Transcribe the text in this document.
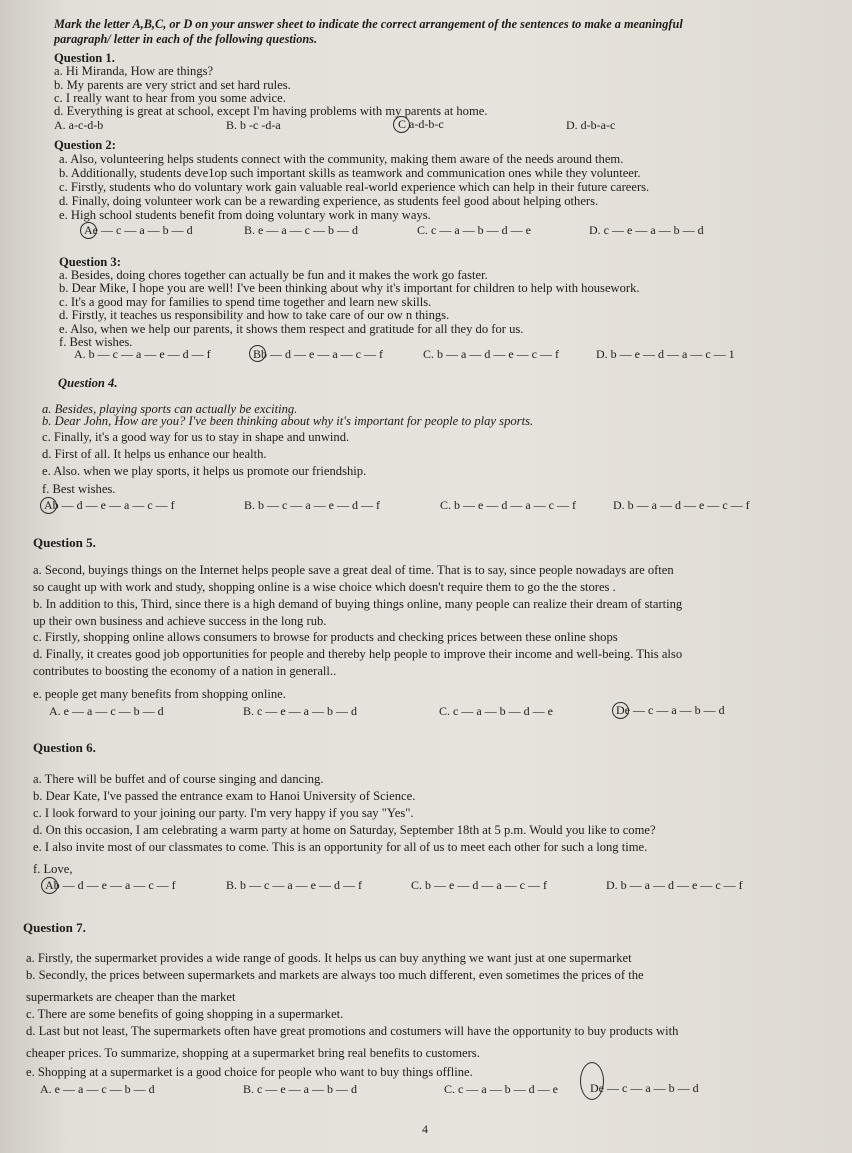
Mark the letter A,B,C, or D on your answer sheet to indicate the correct arrangement of the sentences to make a meaningful
paragraph/ letter in each of the following questions.
Question 1.
a. Hi Miranda, How are things?
b. My parents are very strict and set hard rules.
c. I really want to hear from you some advice.
d. Everything is great at school, except I'm having problems with my parents at home.
A. a-c-d-b	B. b -c -d-a	C a-d-b-c	D. d-b-a-c
Question 2:
a. Also, volunteering helps students connect with the community, making them aware of the needs around them.
b. Additionally, students deve1op such important skills as teamwork and communication ones while they volunteer.
c. Firstly, students who do voluntary work gain valuable real-world experience which can help in their future careers.
d. Finally, doing volunteer work can be a rewarding experience, as students feel good about helping others.
e. High school students benefit from doing voluntary work in many ways.
Ae — c — a — b — d	B. e — a — c — b — d	C. c — a — b — d — e	D. c — e — a — b — d
Question 3:
a. Besides, doing chores together can actually be fun and it makes the work go faster.
b. Dear Mike, I hope you are well! I've been thinking about why it's important for children to help with housework.
c. It's a good may for families to spend time together and learn new skills.
d. Firstly, it teaches us responsibility and how to take care of our ow n things.
e. Also, when we help our parents, it shows them respect and gratitude for all they do for us.
f. Best wishes.
A. b — c — a — e — d — f	Bb — d — e — a — c — f	C. b — a — d — e — c — f	D. b — e — d — a — c — 1
Question 4.
a. Besides, playing sports can actually be exciting.
b. Dear John, How are you? I've been thinking about why it's important for people to play sports.
c. Finally, it's a good way for us to stay in shape and unwind.
d. First of all. It helps us enhance our health.
e. Also. when we play sports, it helps us promote our friendship.
f. Best wishes.
Ab — d — e — a — c — f	B. b — c — a — e — d — f	C. b — e — d — a — c — f	D. b — a — d — e — c — f
Question 5.
a. Second, buyings things on the Internet helps people save a great deal of time. That is to say, since people nowadays are often
so caught up with work and study, shopping online is a wise choice which doesn't require them to go the the stores .
b. In addition to this, Third, since there is a high demand of buying things online, many people can realize their dream of starting
up their own business and achieve success in the long rub.
c. Firstly, shopping online allows consumers to browse for products and checking prices between these online shops
d. Finally, it creates good job opportunities for people and thereby help people to improve their income and well-being. This also
contributes to boosting the economy of a nation in generall..
e. people get many benefits from shopping online.
A. e — a — c — b — d	B. c — e — a — b — d	C. c — a — b — d — e	De — c — a — b — d
Question 6.
a. There will be buffet and of course singing and dancing.
b. Dear Kate, I've passed the entrance exam to Hanoi University of Science.
c. I look forward to your joining our party. I'm very happy if you say "Yes".
d. On this occasion, I am celebrating a warm party at home on Saturday, September 18th at 5 p.m. Would you like to come?
e. I also invite most of our classmates to come. This is an opportunity for all of us to meet each other for such a long time.
f. Love,
Ab — d — e — a — c — f	B. b — c — a — e — d — f	C. b — e — d — a — c — f	D. b — a — d — e — c — f
Question 7.
a. Firstly, the supermarket provides a wide range of goods. It helps us can buy anything we want just at one supermarket
b. Secondly, the prices between supermarkets and markets are always too much different, even sometimes the prices of the
supermarkets are cheaper than the market
c. There are some benefits of going shopping in a supermarket.
d. Last but not least, The supermarkets often have great promotions and costumers will have the opportunity to buy products with
cheaper prices. To summarize, shopping at a supermarket bring real benefits to customers.
e. Shopping at a supermarket is a good choice for people who want to buy things offline.
A. e — a — c — b — d	B. c — e — a — b — d	C. c — a — b — d — e	De — c — a — b — d
4
